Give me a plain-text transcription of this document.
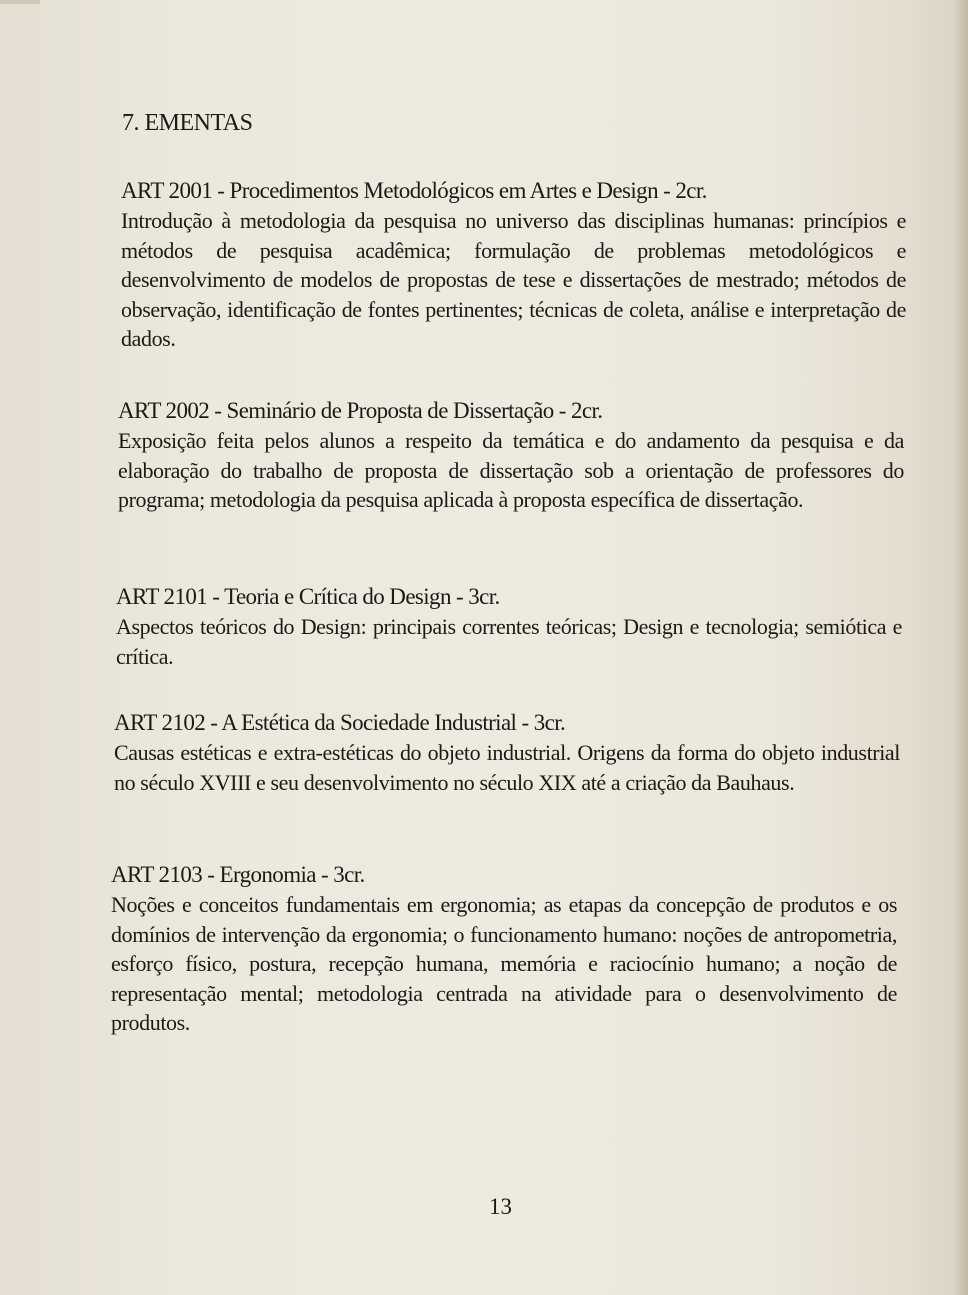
7. EMENTAS
ART 2001 - Procedimentos Metodológicos em Artes e Design - 2cr.
Introdução à metodologia da pesquisa no universo das disciplinas humanas: princípios e métodos de pesquisa acadêmica; formulação de problemas metodológicos e desenvolvimento de modelos de propostas de tese e dissertações de mestrado; métodos de observação, identificação de fontes pertinentes; técnicas de coleta, análise e interpretação de dados.
ART 2002 - Seminário de Proposta de Dissertação - 2cr.
Exposição feita pelos alunos a respeito da temática e do andamento da pesquisa e da elaboração do trabalho de proposta de dissertação sob a orientação de professores do programa; metodologia da pesquisa aplicada à proposta específica de dissertação.
ART 2101 - Teoria e Crítica do Design - 3cr.
Aspectos teóricos do Design: principais correntes teóricas; Design e tecnologia; semiótica e crítica.
ART 2102 - A Estética da Sociedade Industrial - 3cr.
Causas estéticas e extra-estéticas do objeto industrial. Origens da forma do objeto industrial no século XVIII e seu desenvolvimento no século XIX até a criação da Bauhaus.
ART 2103 - Ergonomia - 3cr.
Noções e conceitos fundamentais em ergonomia; as etapas da concepção de produtos e os domínios de intervenção da ergonomia; o funcionamento humano: noções de antropometria, esforço físico, postura, recepção humana, memória e raciocínio humano; a noção de representação mental; metodologia centrada na atividade para o desenvolvimento de produtos.
13
